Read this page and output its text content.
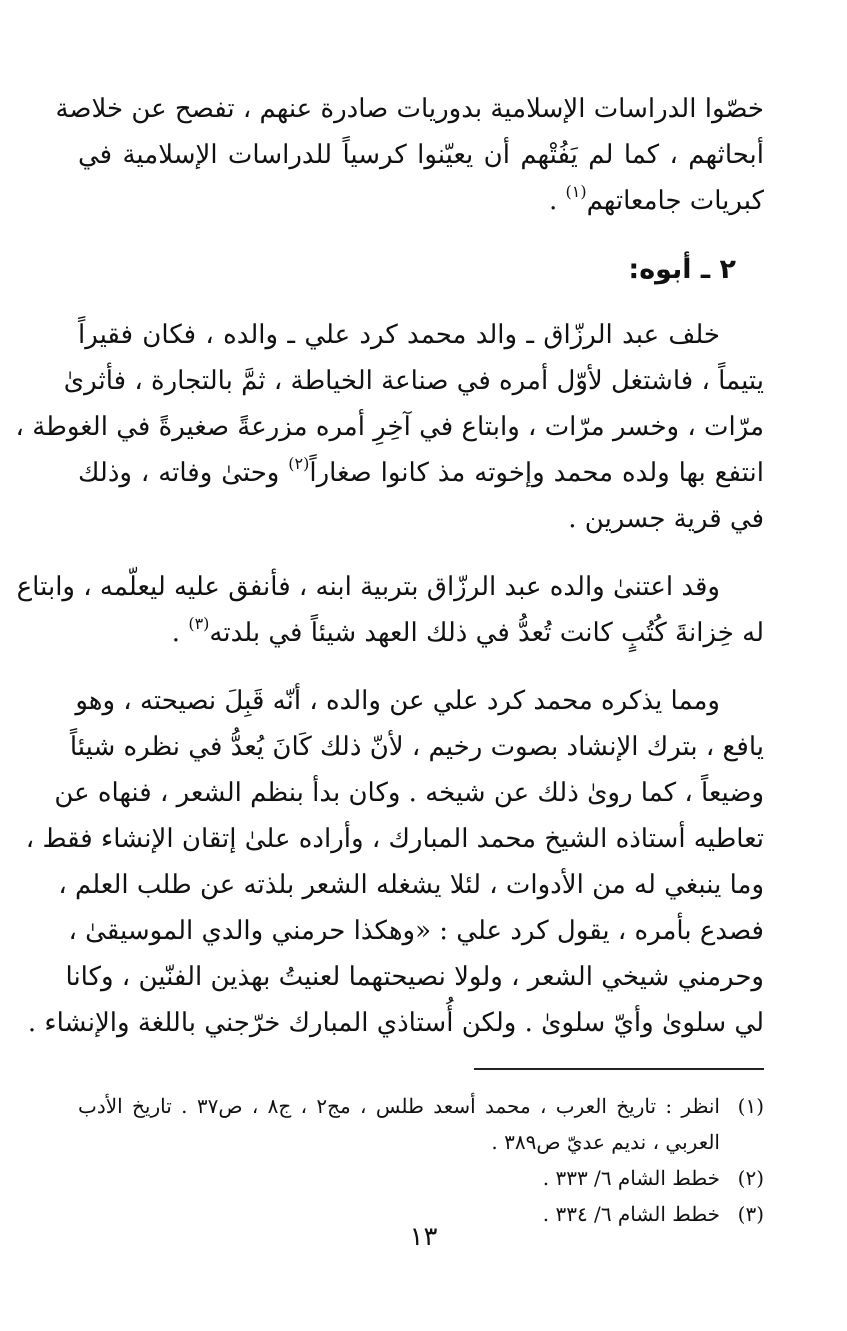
خصّوا الدراسات الإسلامية بدوريات صادرة عنهم ، تفصح عن خلاصة
أبحاثهم ، كما لم يَفُتْهم أن يعيّنوا كرسياً للدراسات الإسلامية في
كبريات جامعاتهم$^{(١)}$ .
٢ ـ أبوه:
خلف عبد الرزّاق ـ والد محمد كرد علي ـ والده ، فكان فقيراً
يتيماً ، فاشتغل لأوّل أمره في صناعة الخياطة ، ثمَّ بالتجارة ، فأثرىٰ
مرّات ، وخسر مرّات ، وابتاع في آخِرِ أمره مزرعةً صغيرةً في الغوطة ،
انتفع بها ولده محمد وإخوته مذ كانوا صغاراً$^{(٢)}$ وحتىٰ وفاته ، وذلك
في قرية جسرين .
وقد اعتنىٰ والده عبد الرزّاق بتربية ابنه ، فأنفق عليه ليعلّمه ، وابتاع
له خِزانةَ كُتُبٍ كانت تُعدُّ في ذلك العهد شيئاً في بلدته$^{(٣)}$ .
ومما يذكره محمد كرد علي عن والده ، أنّه قَبِلَ نصيحته ، وهو
يافع ، بترك الإنشاد بصوت رخيم ، لأنّ ذلك كَانَ يُعدُّ في نظره شيئاً
وضيعاً ، كما روىٰ ذلك عن شيخه . وكان بدأ بنظم الشعر ، فنهاه عن
تعاطيه أستاذه الشيخ محمد المبارك ، وأراده علىٰ إتقان الإنشاء فقط ،
وما ينبغي له من الأدوات ، لئلا يشغله الشعر بلذته عن طلب العلم ،
فصدع بأمره ، يقول كرد علي : «وهكذا حرمني والدي الموسيقىٰ ،
وحرمني شيخي الشعر ، ولولا نصيحتهما لعنيتُ بهذين الفنّين ، وكانا
لي سلوىٰ وأيّ سلوىٰ . ولكن أُستاذي المبارك خرّجني باللغة والإنشاء .
(١)
انظر : تاريخ العرب ، محمد أسعد طلس ، مج٢ ، ج٨ ، ص٣٧ . تاريخ الأدب العربي ، نديم عديّ ص٣٨٩ .
(٢)
خطط الشام ٦/ ٣٣٣ .
(٣)
خطط الشام ٦/ ٣٣٤ .
١٣
